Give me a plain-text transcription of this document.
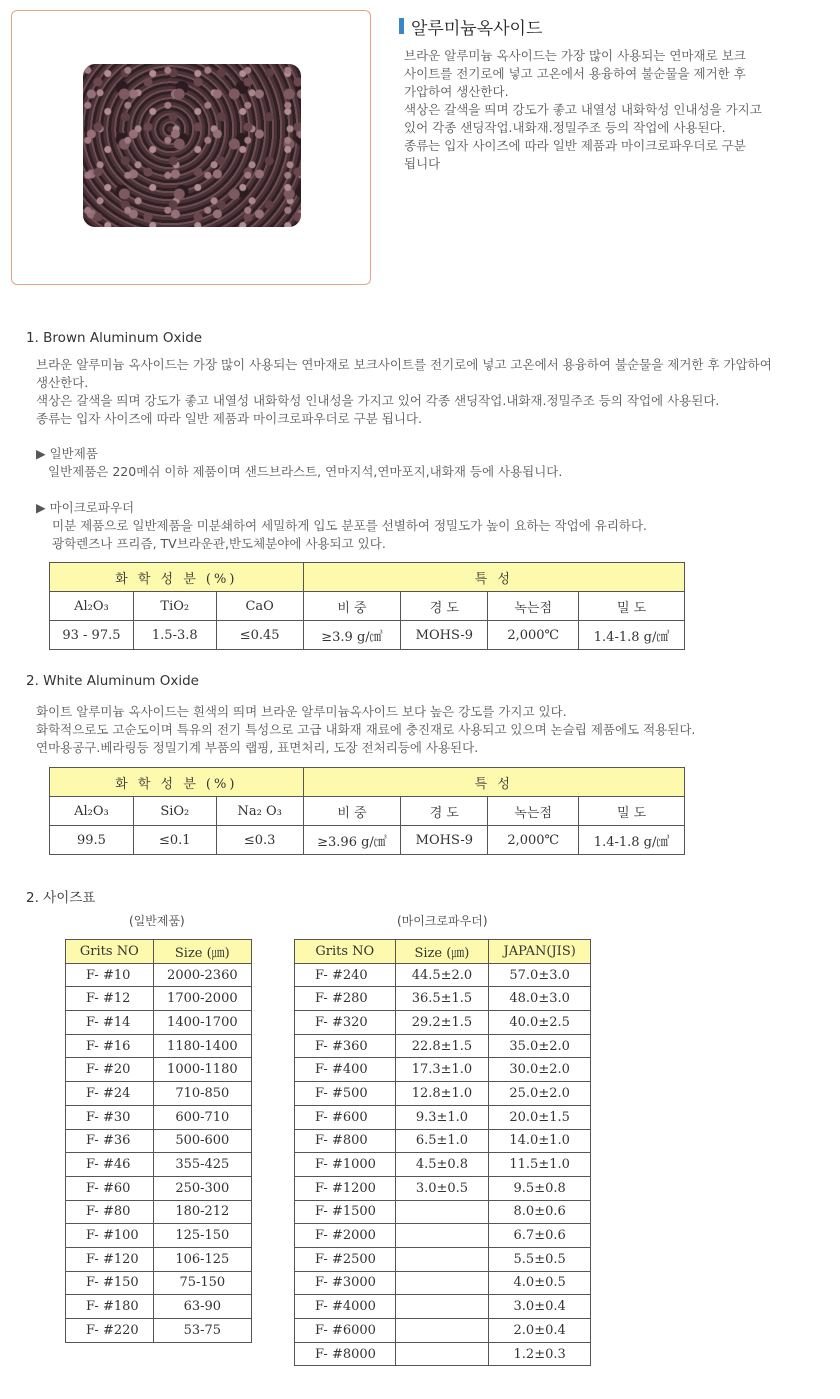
알루미늄옥사이드

브라운 알루미늄 옥사이드는 가장 많이 사용되는 연마재로 보크

사이트를 전기로에 넣고 고온에서 용융하여 불순물을 제거한 후

가압하여 생산한다.

색상은 갈색을 띄며 강도가 좋고 내열성 내화학성 인내성을 가지고

있어 각종 샌딩작업.내화재.정밀주조 등의 작업에 사용된다.

종류는 입자 사이즈에 따라 일반 제품과 마이크로파우더로 구분

됩니다

1. Brown Aluminum Oxide

브라운 알루미늄 옥사이드는 가장 많이 사용되는 연마재로 보크사이트를 전기로에 넣고 고온에서 용융하여 불순물을 제거한 후 가압하여

생산한다.

색상은 갈색을 띄며 강도가 좋고 내열성 내화학성 인내성을 가지고 있어 각종 샌딩작업.내화재.정밀주조 등의 작업에 사용된다.

종류는 입자 사이즈에 따라 일반 제품과 마이크로파우더로 구분 됩니다.

▶ 일반제품
일반제품은 220메쉬 이하 제품이며 샌드브라스트, 연마지석,연마포지,내화재 등에 사용됩니다.
▶ 마이크로파우더

미분 제품으로 일반제품을 미분쇄하여 세밀하게 입도 분포를 선별하여 정밀도가 높이 요하는 작업에 유리하다.

광학렌즈나 프리즘, TV브라운관,반도체분야에 사용되고 있다.

화 학 성 분 (%)			특 성			
Al₂O₃	TiO₂	CaO	비 중	경 도	녹는점	밀 도
93 - 97.5	1.5-3.8	≤0.45	≥3.9 g/㎤	MOHS-9	2,000℃	1.4-1.8 g/㎤
2. White Aluminum Oxide

화이트 알루미늄 옥사이드는 흰색의 띄며 브라운 알루미늄옥사이드 보다 높은 강도를 가지고 있다.

화학적으로도 고순도이며 특유의 전기 특성으로 고급 내화재 재료에 충진재로 사용되고 있으며 논슬립 제품에도 적용된다.

연마용공구.베라링등 정밀기계 부품의 랩핑, 표면처리, 도장 전처리등에 사용된다.

화 학 성 분 (%)			특 성			
Al₂O₃	SiO₂	Na₂ O₃	비 중	경 도	녹는점	밀 도
99.5	≤0.1	≤0.3	≥3.96 g/㎤	MOHS-9	2,000℃	1.4-1.8 g/㎤
2. 사이즈표
(일반제품)	(마이크로파우더)
Grits NO	Size (㎛)
F- #10	2000-2360
F- #12	1700-2000
F- #14	1400-1700
F- #16	1180-1400
F- #20	1000-1180
F- #24	710-850
F- #30	600-710
F- #36	500-600
F- #46	355-425
F- #60	250-300
F- #80	180-212
F- #100	125-150
F- #120	106-125
F- #150	75-150
F- #180	63-90
F- #220	53-75
Grits NO	Size (㎛)	JAPAN(JIS)
F- #240	44.5±2.0	57.0±3.0
F- #280	36.5±1.5	48.0±3.0
F- #320	29.2±1.5	40.0±2.5
F- #360	22.8±1.5	35.0±2.0
F- #400	17.3±1.0	30.0±2.0
F- #500	12.8±1.0	25.0±2.0
F- #600	9.3±1.0	20.0±1.5
F- #800	6.5±1.0	14.0±1.0
F- #1000	4.5±0.8	11.5±1.0
F- #1200	3.0±0.5	9.5±0.8
F- #1500		8.0±0.6
F- #2000		6.7±0.6
F- #2500		5.5±0.5
F- #3000		4.0±0.5
F- #4000		3.0±0.4
F- #6000		2.0±0.4
F- #8000		1.2±0.3
